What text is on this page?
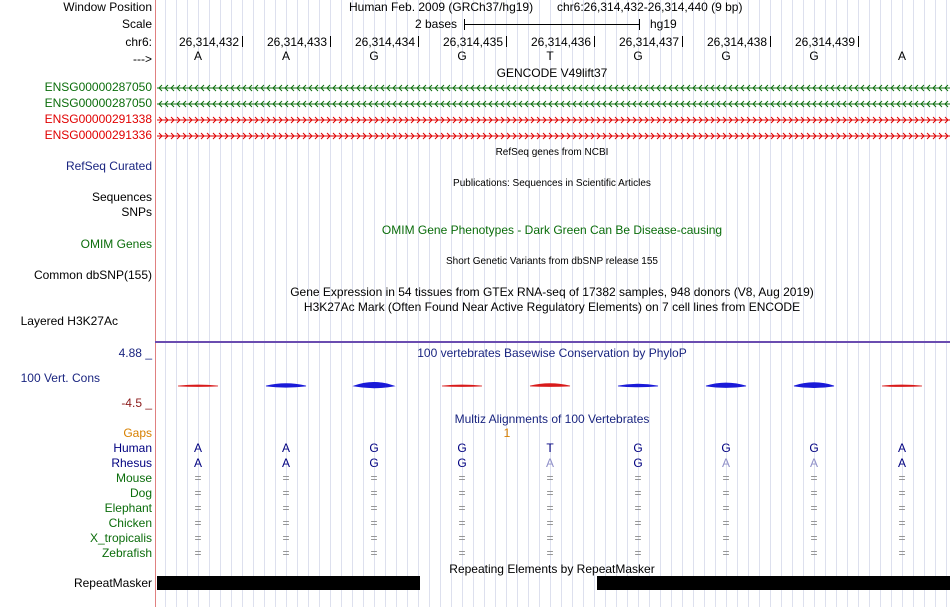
Window Position
Scale
chr6:
--->
ENSG00000287050
ENSG00000287050
ENSG00000291338
ENSG00000291336
RefSeq Curated
Sequences
SNPs
OMIM Genes
Common dbSNP(155)
Layered H3K27Ac
4.88 _
100 Vert. Cons
-4.5 _
Gaps
Human
Rhesus
Mouse
Dog
Elephant
Chicken
X_tropicalis
Zebrafish
RepeatMasker
Human Feb. 2009 (GRCh37/hg19) chr6:26,314,432-26,314,440 (9 bp)
2 bases	hg19
26,314,432 26,314,433 26,314,434 26,314,435 26,314,436 26,314,437 26,314,438 26,314,439
A	A	G	G	T	G	G	G	A
GENCODE V49lift37
RefSeq genes from NCBI
Publications: Sequences in Scientific Articles
OMIM Gene Phenotypes - Dark Green Can Be Disease-causing
Short Genetic Variants from dbSNP release 155
Gene Expression in 54 tissues from GTEx RNA-seq of 17382 samples, 948 donors (V8, Aug 2019)
H3K27Ac Mark (Often Found Near Active Regulatory Elements) on 7 cell lines from ENCODE
100 vertebrates Basewise Conservation by PhyloP
Multiz Alignments of 100 Vertebrates
1
A	A	G	G	T	G	G	G	A
A	A	G	G	A	G	A	A	A
=	=	=	=	=	=	=	=	=
=	=	=	=	=	=	=	=	=
=	=	=	=	=	=	=	=	=
=	=	=	=	=	=	=	=	=
=	=	=	=	=	=	=	=	=
=	=	=	=	=	=	=	=	=
Repeating Elements by RepeatMasker
